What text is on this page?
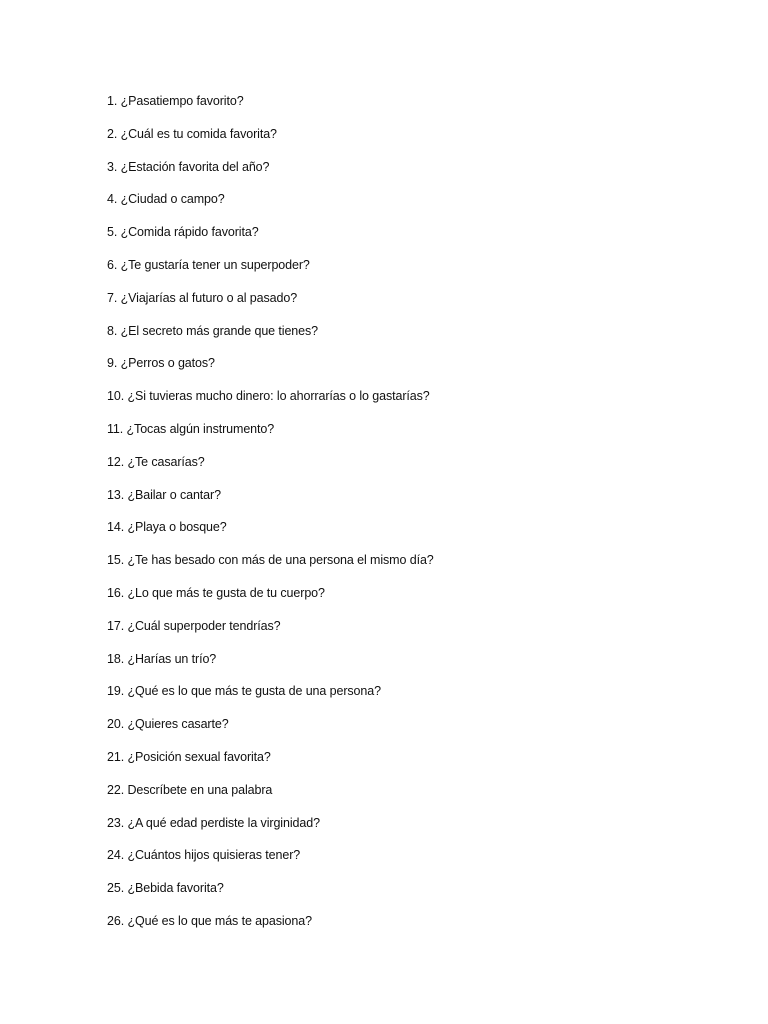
1. ¿Pasatiempo favorito?
2. ¿Cuál es tu comida favorita?
3. ¿Estación favorita del año?
4. ¿Ciudad o campo?
5. ¿Comida rápido favorita?
6. ¿Te gustaría tener un superpoder?
7. ¿Viajarías al futuro o al pasado?
8. ¿El secreto más grande que tienes?
9. ¿Perros o gatos?
10. ¿Si tuvieras mucho dinero: lo ahorrarías o lo gastarías?
11. ¿Tocas algún instrumento?
12. ¿Te casarías?
13. ¿Bailar o cantar?
14. ¿Playa o bosque?
15. ¿Te has besado con más de una persona el mismo día?
16. ¿Lo que más te gusta de tu cuerpo?
17. ¿Cuál superpoder tendrías?
18. ¿Harías un trío?
19. ¿Qué es lo que más te gusta de una persona?
20. ¿Quieres casarte?
21. ¿Posición sexual favorita?
22. Descríbete en una palabra
23. ¿A qué edad perdiste la virginidad?
24. ¿Cuántos hijos quisieras tener?
25. ¿Bebida favorita?
26. ¿Qué es lo que más te apasiona?
